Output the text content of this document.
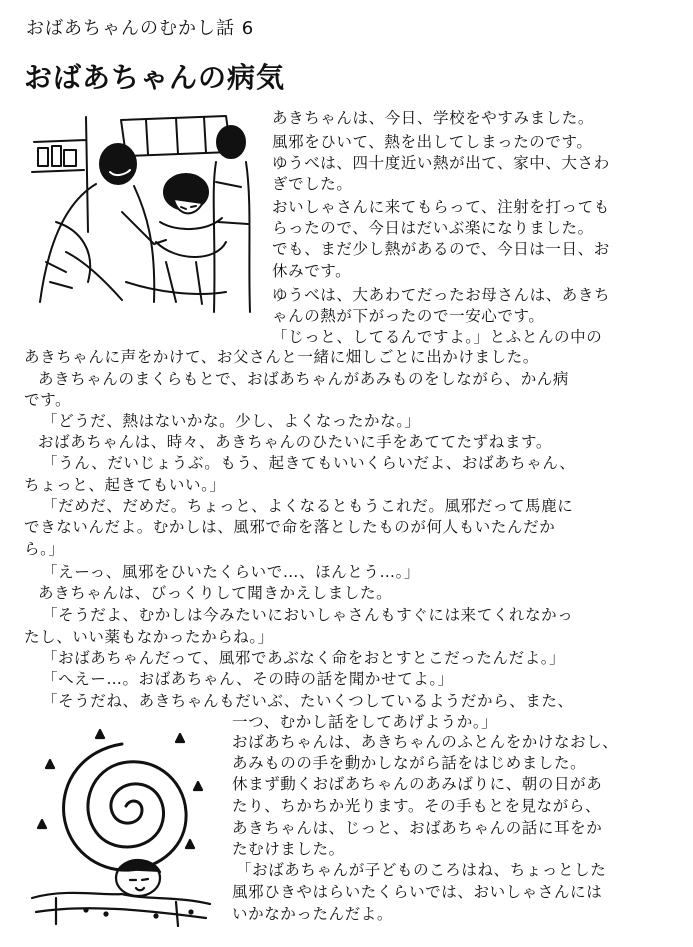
おばあちゃんのむかし話 6
おばあちゃんの病気
あきちゃんは、今日、学校をやすみました。
風邪をひいて、熱を出してしまったのです。
ゆうべは、四十度近い熱が出て、家中、大さわ
ぎでした。
おいしゃさんに来てもらって、注射を打っても
らったので、今日はだいぶ楽になりました。
でも、まだ少し熱があるので、今日は一日、お
休みです。
ゆうべは、大あわてだったお母さんは、あきち
ゃんの熱が下がったので一安心です。
「じっと、してるんですよ。」とふとんの中の
あきちゃんに声をかけて、お父さんと一緒に畑しごとに出かけました。
あきちゃんのまくらもとで、おばあちゃんがあみものをしながら、かん病
です。
「どうだ、熱はないかな。少し、よくなったかな。」
おばあちゃんは、時々、あきちゃんのひたいに手をあててたずねます。
「うん、だいじょうぶ。もう、起きてもいいくらいだよ、おばあちゃん、
ちょっと、起きてもいい。」
「だめだ、だめだ。ちょっと、よくなるともうこれだ。風邪だって馬鹿に
できないんだよ。むかしは、風邪で命を落としたものが何人もいたんだか
ら。」
「えーっ、風邪をひいたくらいで…、ほんとう…。」
あきちゃんは、びっくりして聞きかえしました。
「そうだよ、むかしは今みたいにおいしゃさんもすぐには来てくれなかっ
たし、いい薬もなかったからね。」
「おばあちゃんだって、風邪であぶなく命をおとすとこだったんだよ。」
「へえー…。おばあちゃん、その時の話を聞かせてよ。」
「そうだね、あきちゃんもだいぶ、たいくつしているようだから、また、
一つ、むかし話をしてあげようか。」
おばあちゃんは、あきちゃんのふとんをかけなおし、
あみものの手を動かしながら話をはじめました。
休まず動くおばあちゃんのあみばりに、朝の日があ
たり、ちかちか光ります。その手もとを見ながら、
あきちゃんは、じっと、おばあちゃんの話に耳をか
たむけました。
「おばあちゃんが子どものころはね、ちょっとした
風邪ひきやはらいたくらいでは、おいしゃさんには
いかなかったんだよ。
